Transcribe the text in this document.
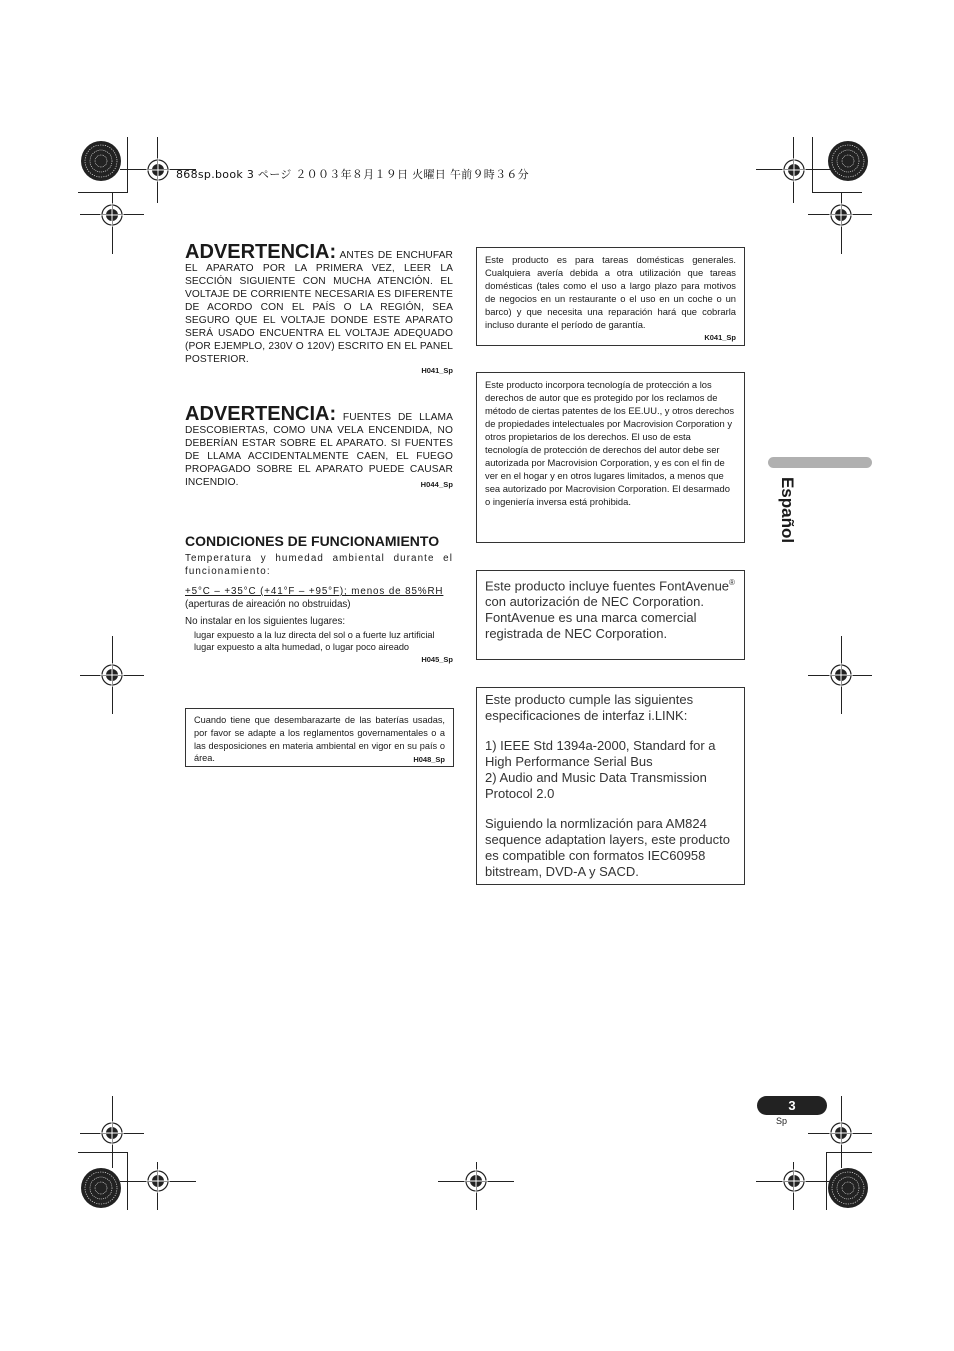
868sp.book 3 ページ ２００３年８月１９日 火曜日 午前９時３６分
ADVERTENCIA: ANTES DE ENCHUFAR EL APARATO POR LA PRIMERA VEZ, LEER LA SECCIÓN SIGUIENTE CON MUCHA ATENCIÓN. EL VOLTAJE DE CORRIENTE NECESARIA ES DIFERENTE DE ACORDO CON EL PAÍS O LA REGIÓN, SEA SEGURO QUE EL VOLTAJE DONDE ESTE APARATO SERÁ USADO ENCUENTRA EL VOLTAJE ADEQUADO (POR EJEMPLO, 230V O 120V) ESCRITO EN EL PANEL POSTERIOR.
H041_Sp
ADVERTENCIA: FUENTES DE LLAMA DESCOBIERTAS, COMO UNA VELA ENCENDIDA, NO DEBERÍAN ESTAR SOBRE EL APARATO. SI FUENTES DE LLAMA ACCIDENTALMENTE CAEN, EL FUEGO PROPAGADO SOBRE EL APARATO PUEDE CAUSAR INCENDIO.	H044_Sp
CONDICIONES DE FUNCIONAMIENTO
Temperatura y humedad ambiental durante el funcionamiento:
+5°C – +35°C (+41°F – +95°F); menos de 85%RH
(aperturas de aireación no obstruidas)
No instalar en los siguientes lugares:
lugar expuesto a la luz directa del sol o a fuerte luz artificial
lugar expuesto a alta humedad, o lugar poco aireado
H045_Sp
Cuando tiene que desembarazarte de las baterías usadas, por favor se adapte a los reglamentos governamentales o a las desposiciones en materia ambiental en vigor en su país o área.	H048_Sp
Este producto es para tareas domésticas generales. Cualquiera avería debida a otra utilización que tareas domésticas (tales como el uso a largo plazo para motivos de negocios en un restaurante o el uso en un coche o un barco) y que necesita una reparación hará que cobrarla incluso durante el período de garantía.
K041_Sp
Este producto incorpora tecnología de protección a los derechos de autor que es protegido por los reclamos de método de ciertas patentes de los EE.UU., y otros derechos de propiedades intelectuales por Macrovision Corporation y otros propietarios de los derechos. El uso de esta tecnología de protección de derechos del autor debe ser autorizada por Macrovision Corporation, y es con el fin de ver en el hogar y en otros lugares limitados, a menos que sea autorizado por Macrovision Corporation. El desarmado o ingeniería inversa está prohibida.
Este producto incluye fuentes FontAvenue® con autorización de NEC Corporation. FontAvenue es una marca comercial registrada de NEC Corporation.
Este producto cumple las siguientes especificaciones de interfaz i.LINK:
1) IEEE Std 1394a-2000, Standard for a High Performance Serial Bus
2) Audio and Music Data Transmission Protocol 2.0
Siguiendo la normlización para AM824 sequence adaptation layers, este producto es compatible con formatos IEC60958 bitstream, DVD-A y SACD.
Español
3
Sp
